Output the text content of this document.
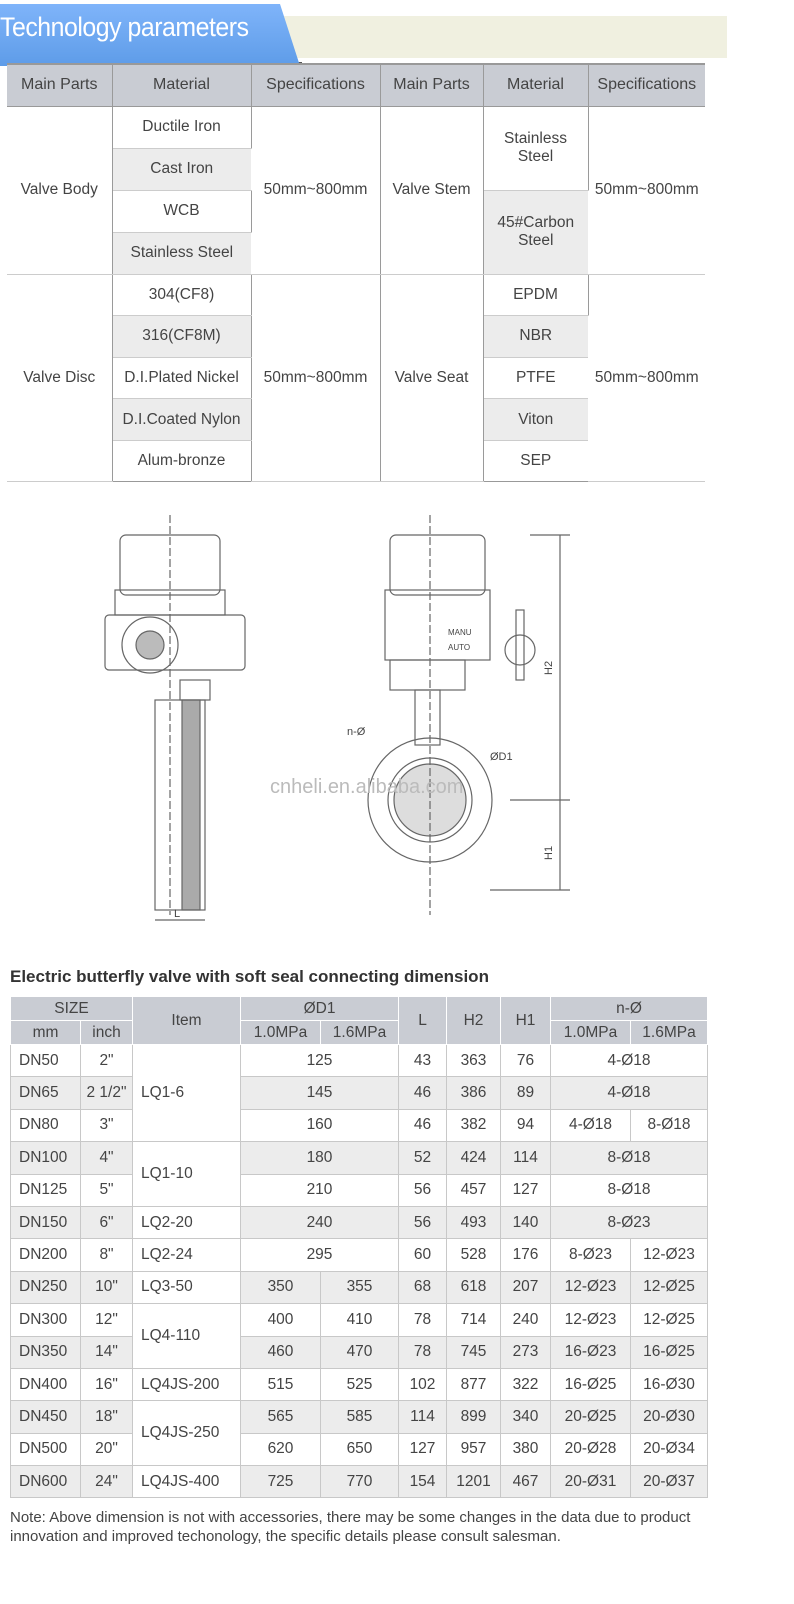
Technology parameters
Main Parts	Material	Specifications	Main Parts	Material	Specifications
Valve Body	Ductile Iron	50mm~800mm	Valve Stem	Stainless Steel	50mm~800mm
	Cast Iron				
	WCB			45#Carbon Steel	
	Stainless Steel				
Valve Disc	304(CF8)	50mm~800mm	Valve Seat	EPDM	50mm~800mm
	316(CF8M)			NBR	
	D.I.Plated Nickel			PTFE	
	D.I.Coated Nylon			Viton	
	Alum-bronze			SEP	
MANU
AUTO
n-Ø
ØD1
H2
H1
L
cnheli.en.alibaba.com
Electric butterfly valve with soft seal connecting dimension
SIZE		Item	ØD1		L	H2	H1	n-Ø	
mm	inch		1.0MPa	1.6MPa				1.0MPa	1.6MPa
DN50	2"	LQ1-6	125		43	363	76	4-Ø18	
DN65	2 1/2"		145		46	386	89	4-Ø18	
DN80	3"		160		46	382	94	4-Ø18	8-Ø18
DN100	4"	LQ1-10	180		52	424	114	8-Ø18	
DN125	5"		210		56	457	127	8-Ø18	
DN150	6"	LQ2-20	240		56	493	140	8-Ø23	
DN200	8"	LQ2-24	295		60	528	176	8-Ø23	12-Ø23
DN250	10"	LQ3-50	350	355	68	618	207	12-Ø23	12-Ø25
DN300	12"	LQ4-110	400	410	78	714	240	12-Ø23	12-Ø25
DN350	14"		460	470	78	745	273	16-Ø23	16-Ø25
DN400	16"	LQ4JS-200	515	525	102	877	322	16-Ø25	16-Ø30
DN450	18"	LQ4JS-250	565	585	114	899	340	20-Ø25	20-Ø30
DN500	20"		620	650	127	957	380	20-Ø28	20-Ø34
DN600	24"	LQ4JS-400	725	770	154	1201	467	20-Ø31	20-Ø37
Note: Above dimension is not with accessories, there may be some changes in the data due to product innovation and improved techonology, the specific details please consult salesman.
